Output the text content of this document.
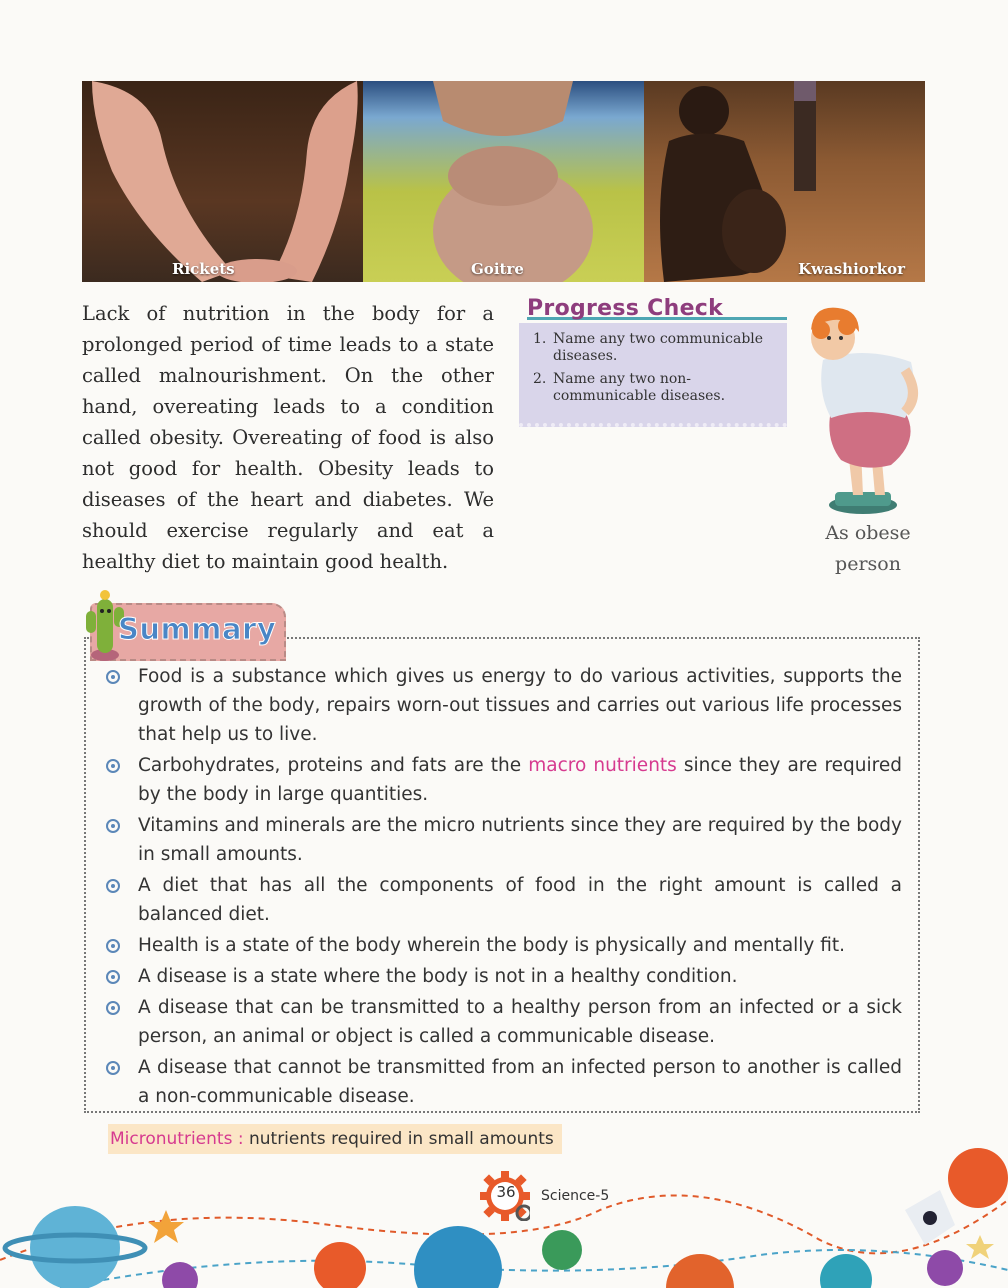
Rickets	Goitre	Kwashiorkor

Lack of nutrition in the body for a prolonged period of time leads to a state called malnourishment. On the other hand, overeating leads to a condition called obesity. Overeating of food is also not good for health. Obesity leads to diseases of the heart and diabetes. We should exercise regularly and eat a healthy diet to maintain good health.

Progress Check
1. Name any two communicable diseases.
2. Name any two non-communicable diseases.
As obese
person
Summary
Food is a substance which gives us energy to do various activities, supports the growth of the body, repairs worn-out tissues and carries out various life processes that help us to live.
Carbohydrates, proteins and fats are the macro nutrients since they are required by the body in large quantities.
Vitamins and minerals are the micro nutrients since they are required by the body in small amounts.
A diet that has all the components of food in the right amount is called a balanced diet.
Health is a state of the body wherein the body is physically and mentally fit.
A disease is a state where the body is not in a healthy condition.
A disease that can be transmitted to a healthy person from an infected or a sick person, an animal or object is called a communicable disease.
A disease that cannot be transmitted from an infected person to another is called a non-communicable disease.
Micronutrients : nutrients required in small amounts
36	Science-5
